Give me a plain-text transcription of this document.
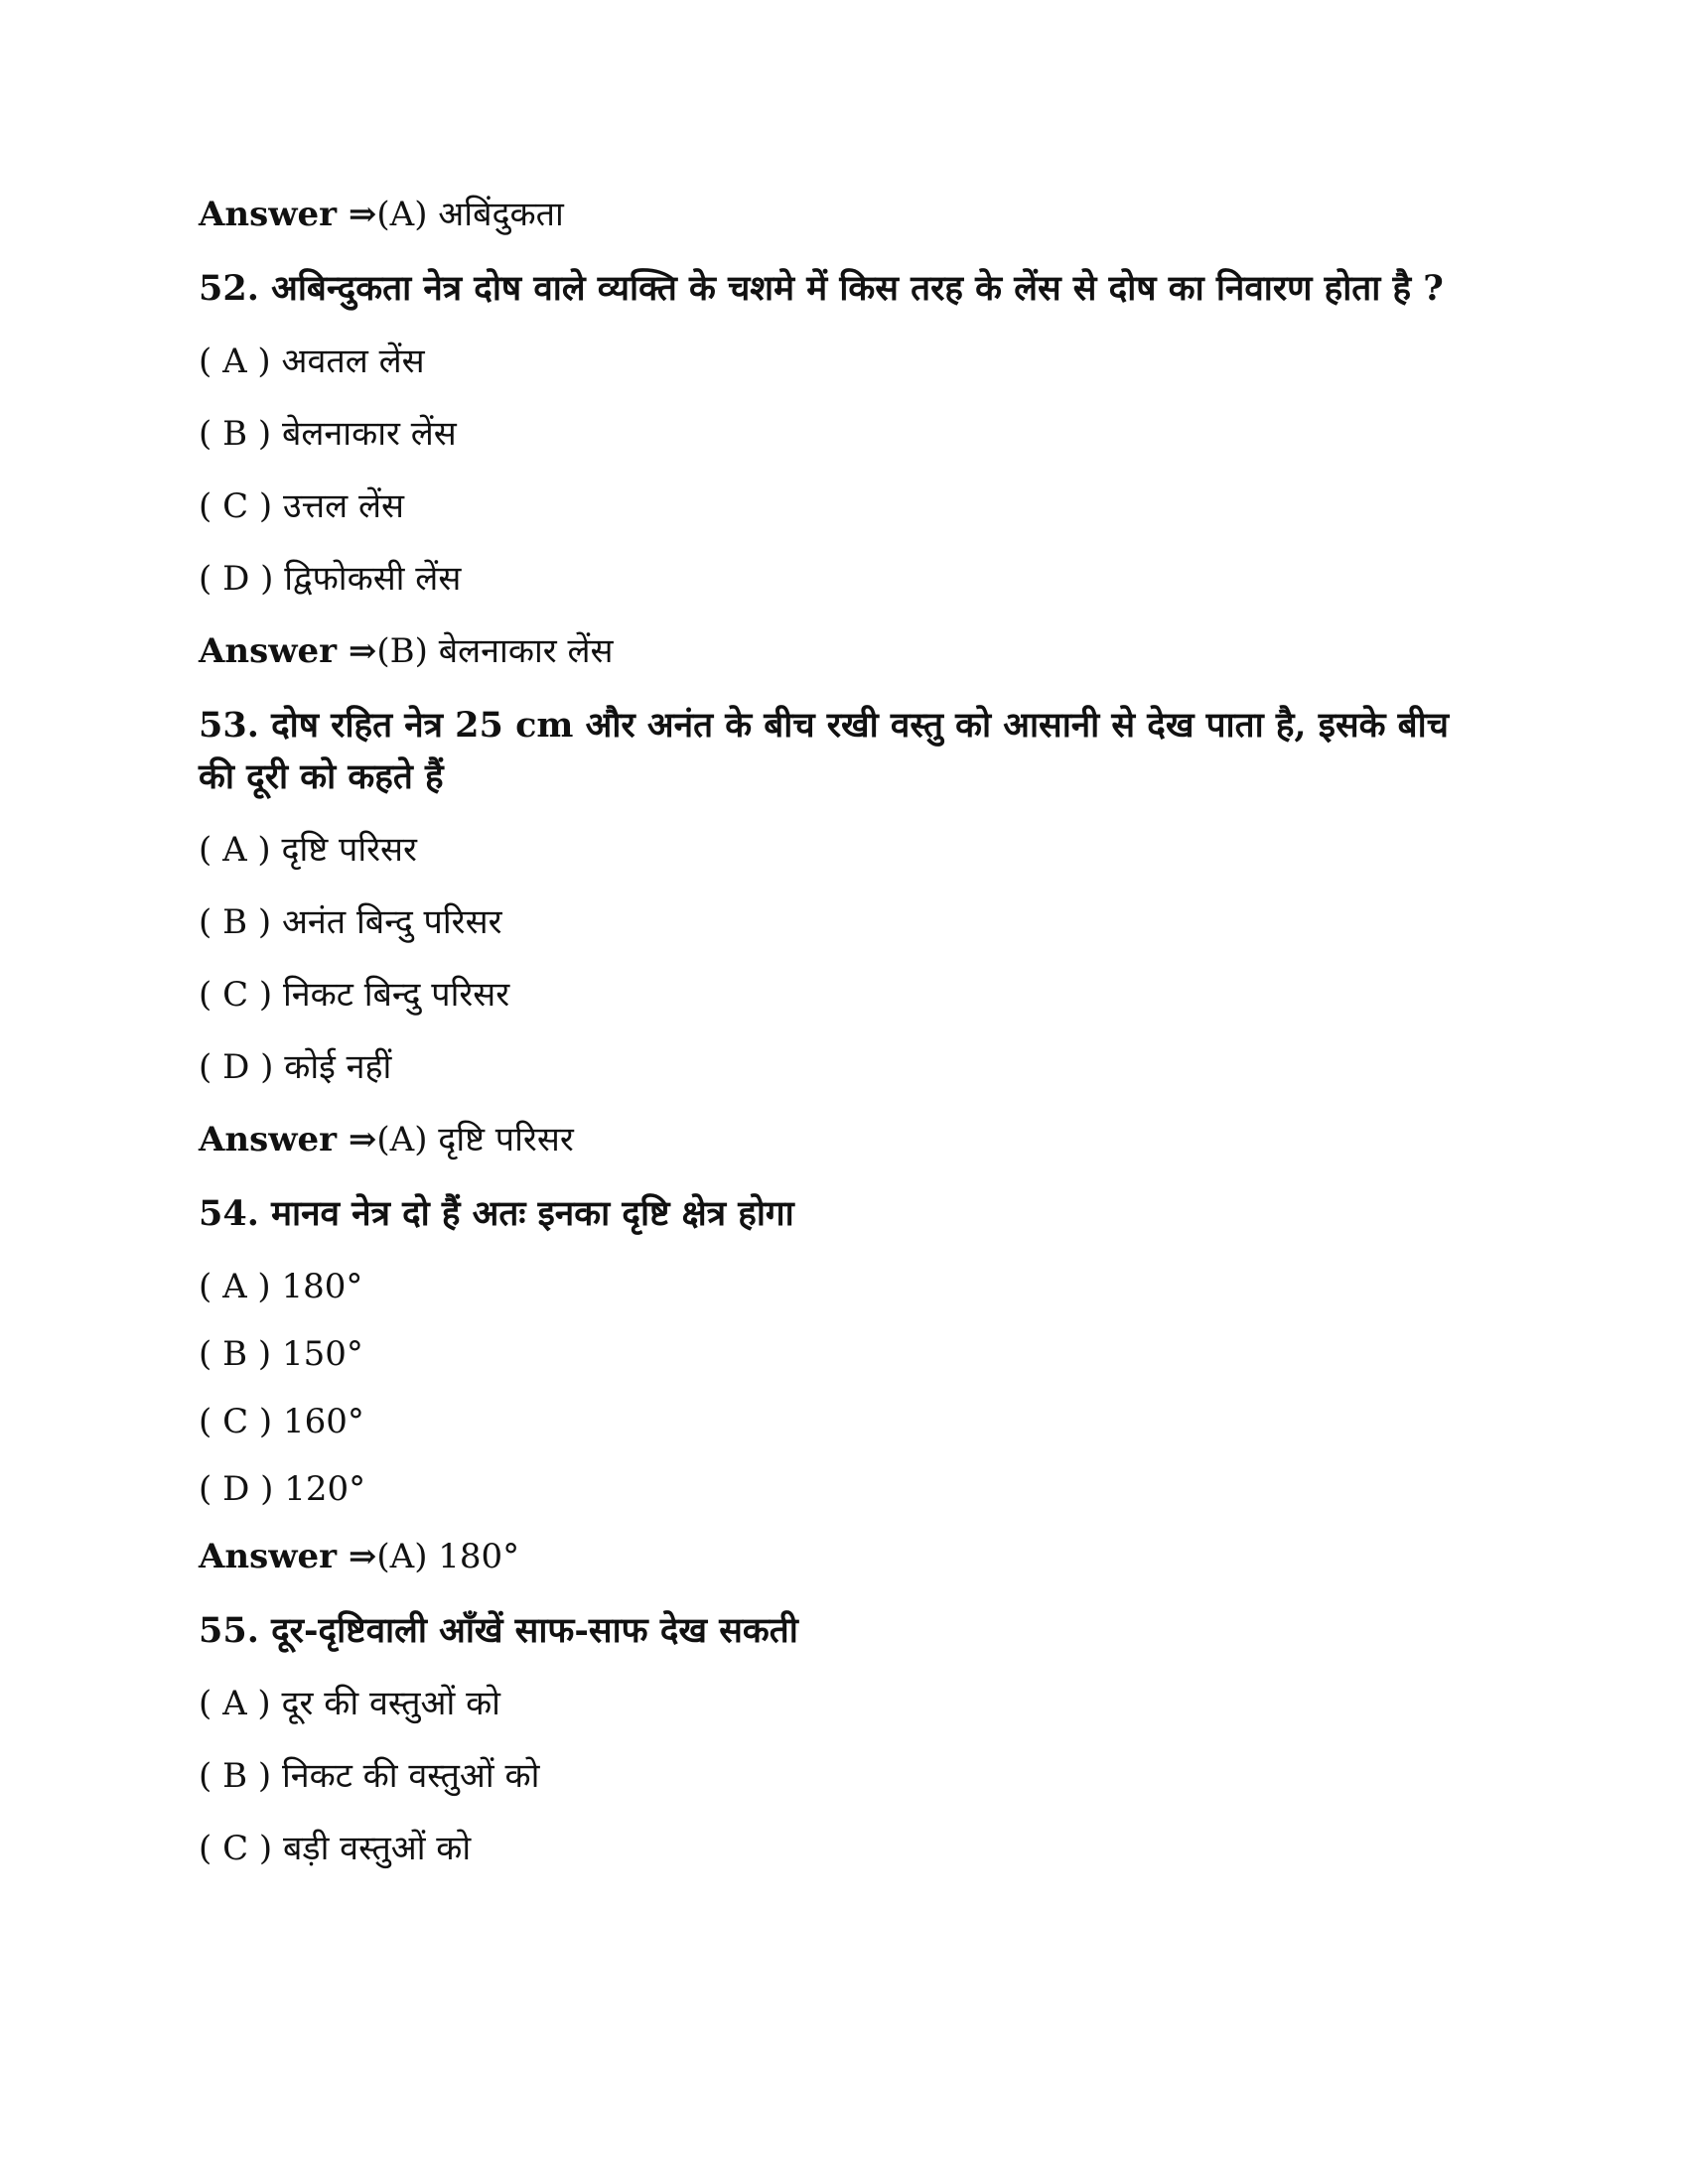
Answer ⇒(A) अबिंदुकता

52. अबिन्दुकता नेत्र दोष वाले व्यक्ति के चशमे में किस तरह के लेंस से दोष का निवारण होता है ?

( A ) अवतल लेंस

( B ) बेलनाकार लेंस

( C ) उत्तल लेंस

( D ) द्विफोकसी लेंस

Answer ⇒(B) बेलनाकार लेंस

53. दोष रहित नेत्र 25 cm और अनंत के बीच रखी वस्तु को आसानी से देख पाता है, इसके बीच की दूरी को कहते हैं

( A ) दृष्टि परिसर

( B ) अनंत बिन्दु परिसर

( C ) निकट बिन्दु परिसर

( D ) कोई नहीं

Answer ⇒(A) दृष्टि परिसर

54. मानव नेत्र दो हैं अतः इनका दृष्टि क्षेत्र होगा

( A ) 180°

( B ) 150°

( C ) 160°

( D ) 120°

Answer ⇒(A) 180°

55. दूर-दृष्टिवाली आँखें साफ-साफ देख सकती

( A ) दूर की वस्तुओं को

( B ) निकट की वस्तुओं को

( C ) बड़ी वस्तुओं को
